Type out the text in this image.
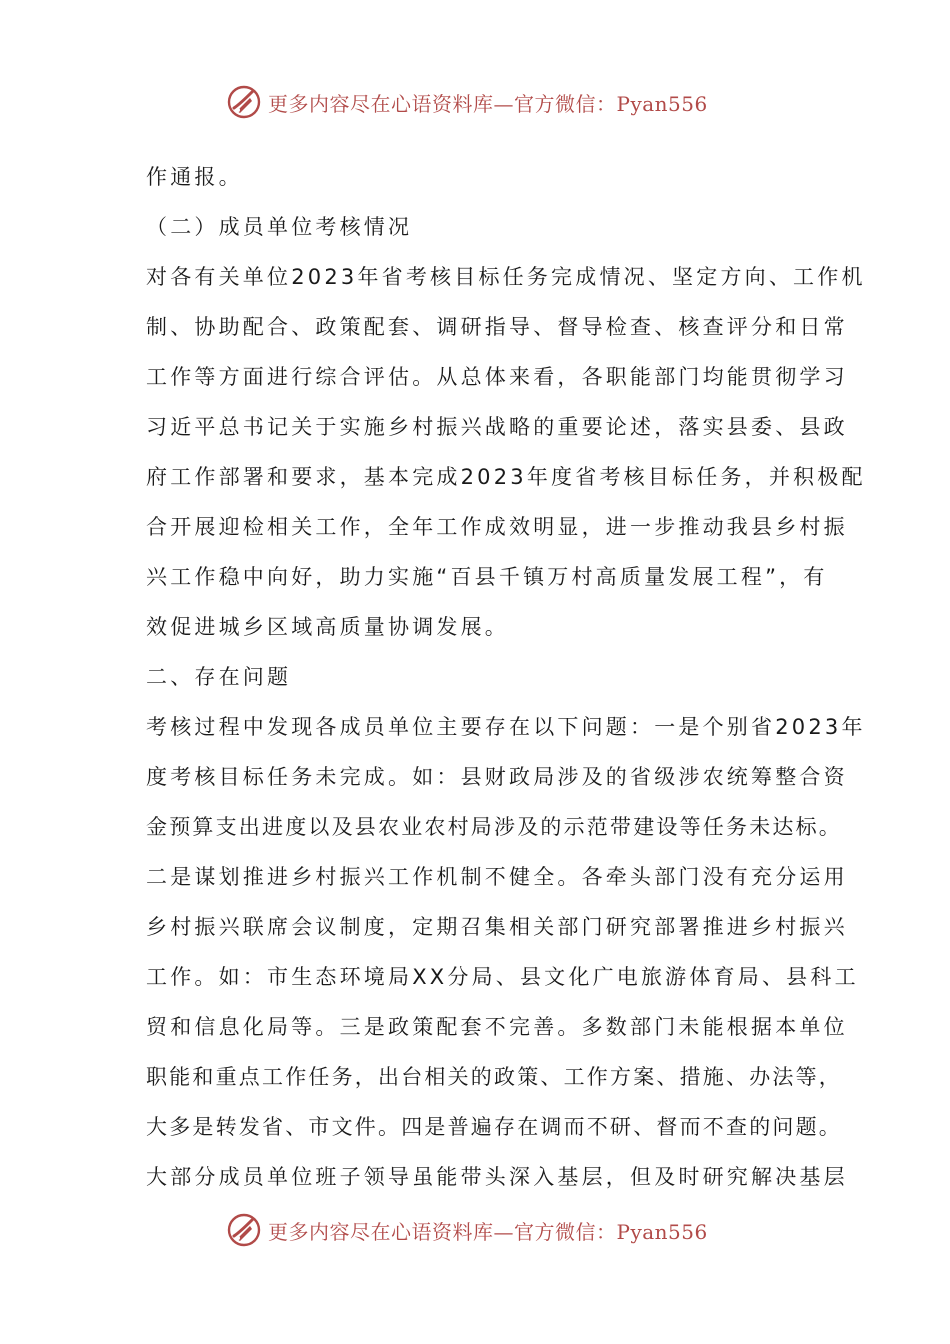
更多内容尽在心语资料库—官方微信：Pyan556
作通报。
（二）成员单位考核情况
对各有关单位2023年省考核目标任务完成情况、坚定方向、工作机
制、协助配合、政策配套、调研指导、督导检查、核查评分和日常
工作等方面进行综合评估。从总体来看，各职能部门均能贯彻学习
习近平总书记关于实施乡村振兴战略的重要论述，落实县委、县政
府工作部署和要求，基本完成2023年度省考核目标任务，并积极配
合开展迎检相关工作，全年工作成效明显，进一步推动我县乡村振
兴工作稳中向好，助力实施“百县千镇万村高质量发展工程”，有
效促进城乡区域高质量协调发展。
二、存在问题
考核过程中发现各成员单位主要存在以下问题：一是个别省2023年
度考核目标任务未完成。如：县财政局涉及的省级涉农统筹整合资
金预算支出进度以及县农业农村局涉及的示范带建设等任务未达标。
二是谋划推进乡村振兴工作机制不健全。各牵头部门没有充分运用
乡村振兴联席会议制度，定期召集相关部门研究部署推进乡村振兴
工作。如：市生态环境局XX分局、县文化广电旅游体育局、县科工
贸和信息化局等。三是政策配套不完善。多数部门未能根据本单位
职能和重点工作任务，出台相关的政策、工作方案、措施、办法等，
大多是转发省、市文件。四是普遍存在调而不研、督而不查的问题。
大部分成员单位班子领导虽能带头深入基层，但及时研究解决基层
更多内容尽在心语资料库—官方微信：Pyan556
